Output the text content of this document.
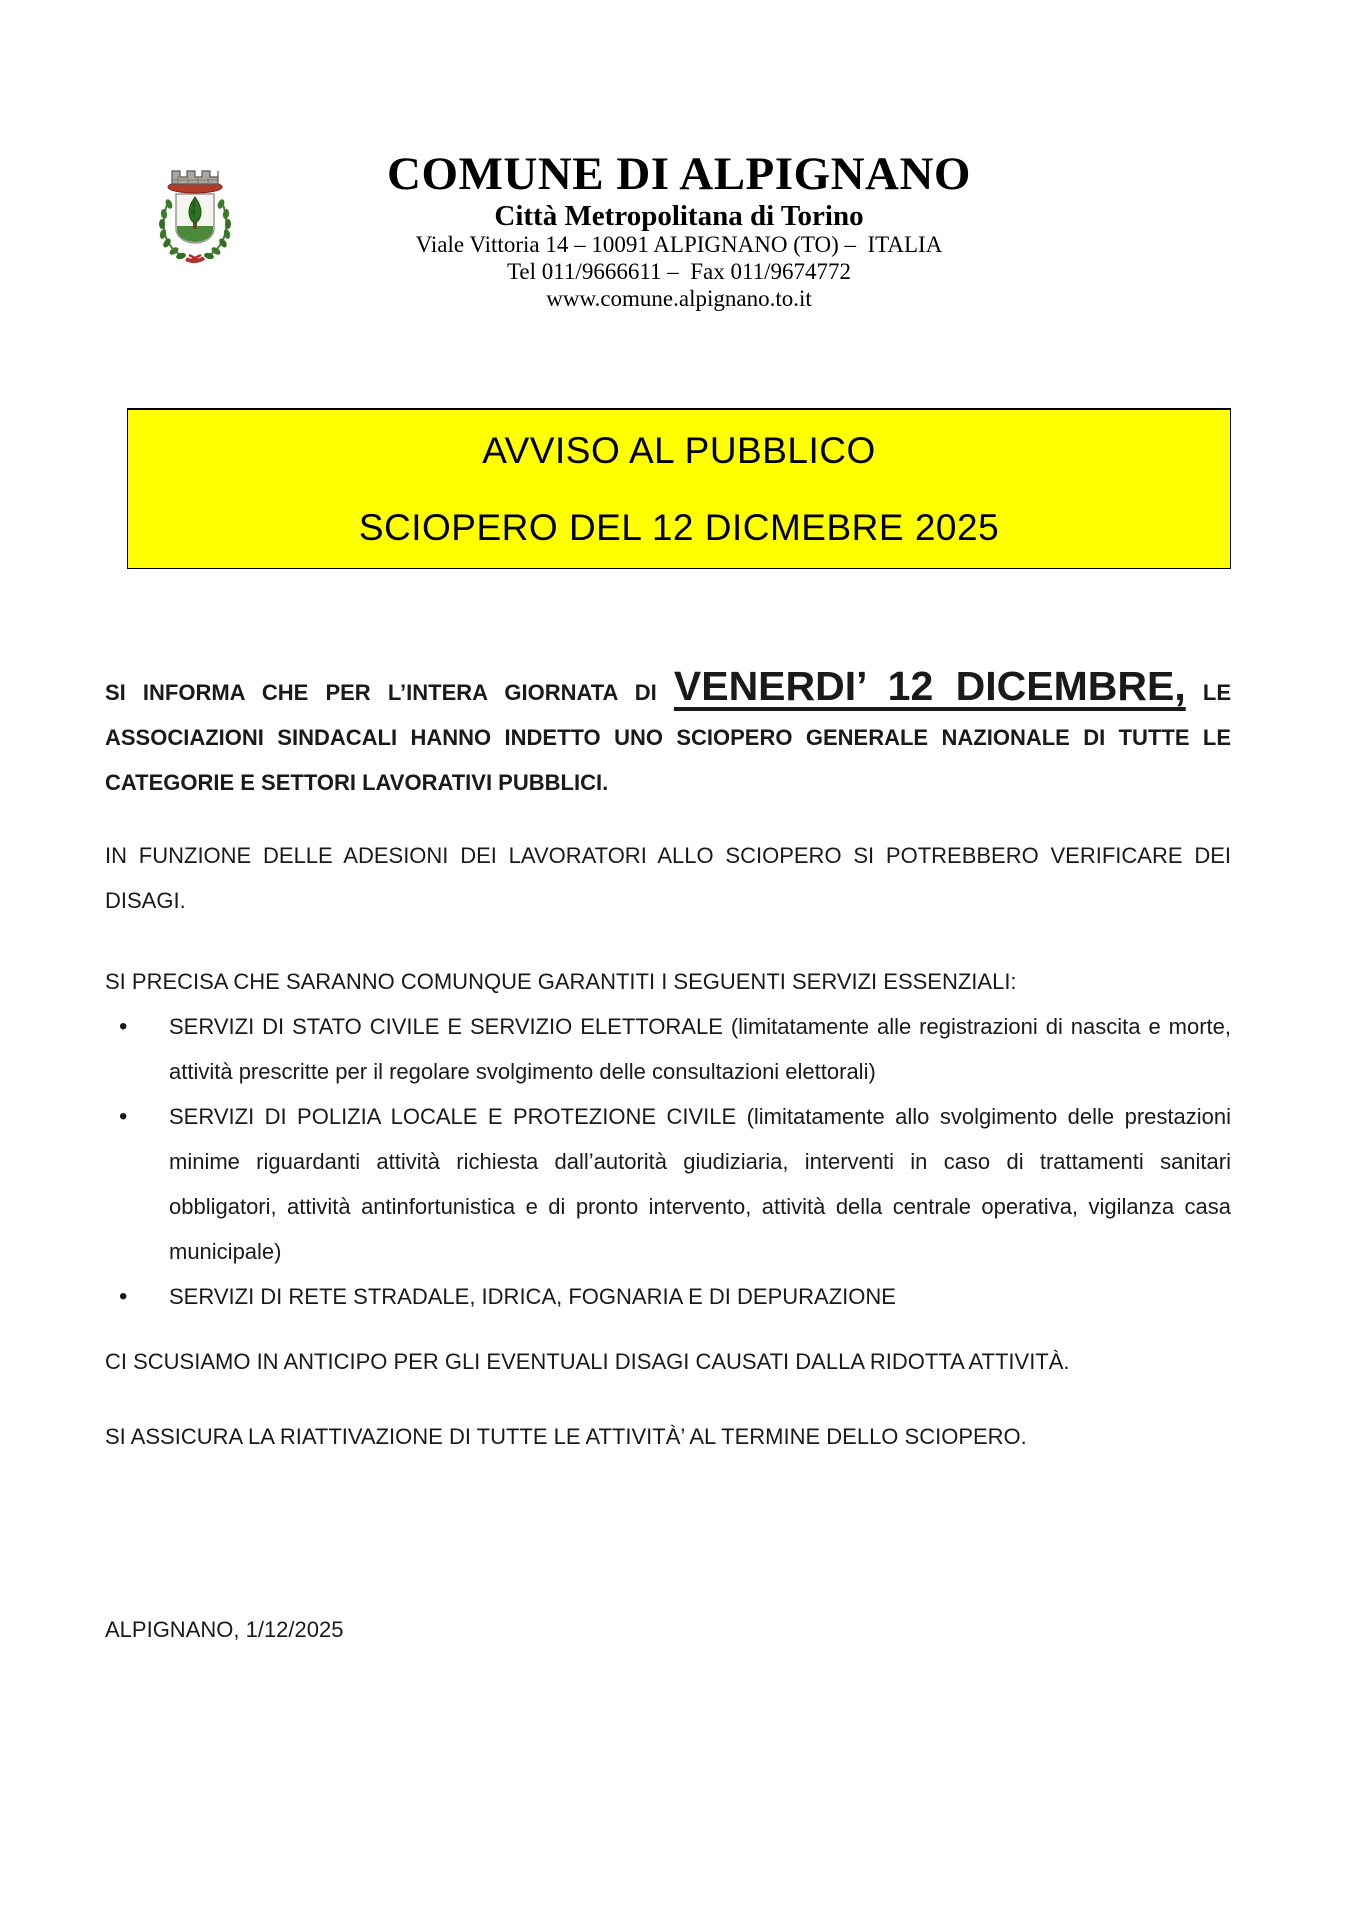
COMUNE DI ALPIGNANO
Città Metropolitana di Torino
Viale Vittoria 14 – 10091 ALPIGNANO (TO) –  ITALIA
Tel 011/9666611 –  Fax 011/9674772
www.comune.alpignano.to.it
AVVISO AL PUBBLICO
SCIOPERO DEL 12 DICMEBRE 2025

SI INFORMA CHE PER L’INTERA GIORNATA DI VENERDI’ 12 DICEMBRE, LE ASSOCIAZIONI SINDACALI HANNO INDETTO UNO SCIOPERO GENERALE NAZIONALE DI TUTTE LE CATEGORIE E SETTORI LAVORATIVI PUBBLICI.

IN FUNZIONE DELLE ADESIONI DEI LAVORATORI ALLO SCIOPERO SI POTREBBERO VERIFICARE DEI DISAGI.

SI PRECISA CHE SARANNO COMUNQUE GARANTITI I SEGUENTI SERVIZI ESSENZIALI:

• SERVIZI DI STATO CIVILE E SERVIZIO ELETTORALE (limitatamente alle registrazioni di nascita e morte, attività prescritte per il regolare svolgimento delle consultazioni elettorali)
• SERVIZI DI POLIZIA LOCALE E PROTEZIONE CIVILE (limitatamente allo svolgimento delle prestazioni minime riguardanti attività richiesta dall’autorità giudiziaria, interventi in caso di trattamenti sanitari obbligatori, attività antinfortunistica e di pronto intervento, attività della centrale operativa, vigilanza casa municipale)
• SERVIZI DI RETE STRADALE, IDRICA, FOGNARIA E DI DEPURAZIONE

CI SCUSIAMO IN ANTICIPO PER GLI EVENTUALI DISAGI CAUSATI DALLA RIDOTTA ATTIVITÀ.

SI ASSICURA LA RIATTIVAZIONE DI TUTTE LE ATTIVITÀ’ AL TERMINE DELLO SCIOPERO.

ALPIGNANO, 1/12/2025
